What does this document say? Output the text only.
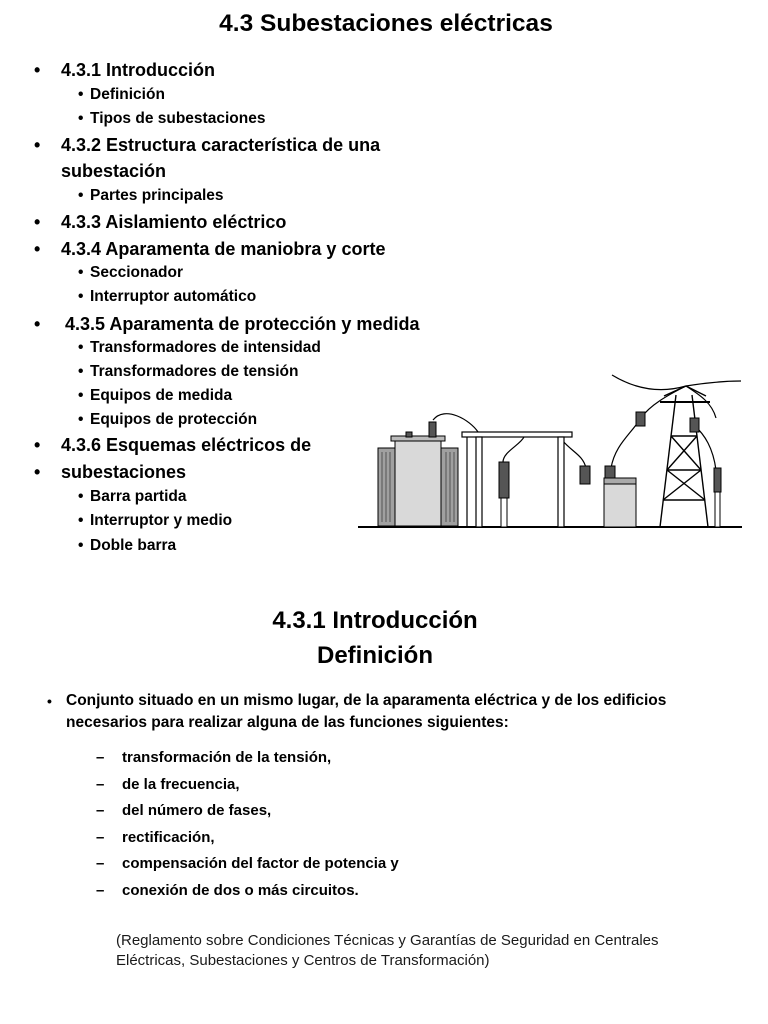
4.3 Subestaciones eléctricas
• 4.3.1 Introducción

• Definición

• Tipos de subestaciones

• 4.3.2 Estructura característica de una

subestación

• Partes principales

• 4.3.3 Aislamiento eléctrico

• 4.3.4 Aparamenta de maniobra y corte

• Seccionador

• Interruptor automático

• 4.3.5 Aparamenta de protección y medida

• Transformadores de intensidad

• Transformadores de tensión

• Equipos de medida

• Equipos de protección

• 4.3.6 Esquemas eléctricos de

• subestaciones

• Barra partida

• Interruptor y medio

• Doble barra

4.3.1 Introducción
Definición
• Conjunto situado en un mismo lugar, de la aparamenta eléctrica y de los edificios necesarios para realizar alguna de las funciones siguientes:

– transformación de la tensión,
– de la frecuencia,
– del número de fases,
– rectificación,
– compensación del factor de potencia y
– conexión de dos o más circuitos.

(Reglamento sobre Condiciones Técnicas y Garantías de Seguridad en Centrales Eléctricas, Subestaciones y Centros de Transformación)
